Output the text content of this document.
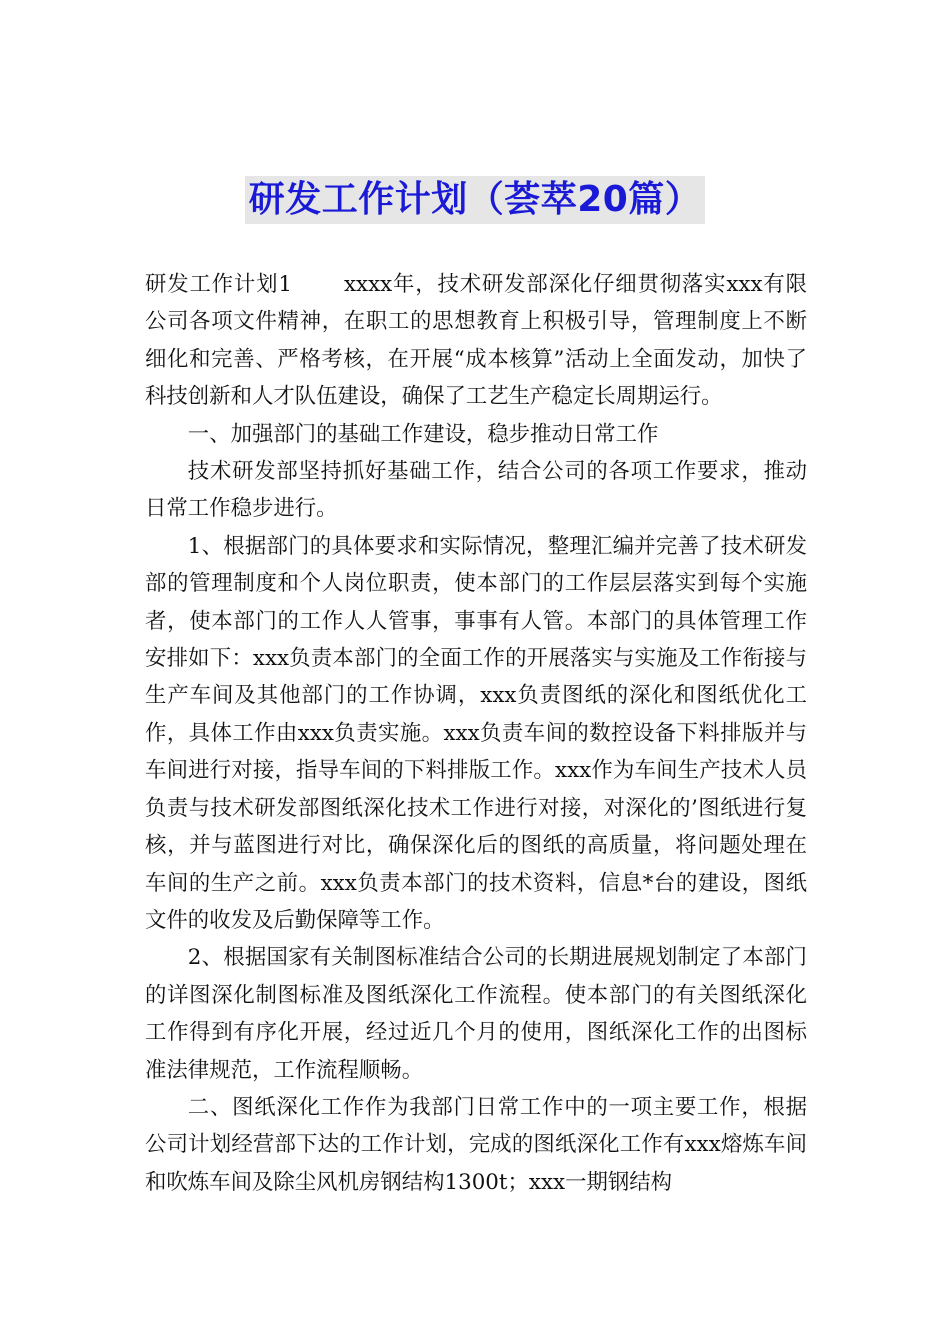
研发工作计划（荟萃20篇）

研发工作计划1 xxxx年，技术研发部深化仔细贯彻落实xxx有限公司各项文件精神，在职工的思想教育上积极引导，管理制度上不断细化和完善、严格考核，在开展“成本核算”活动上全面发动，加快了科技创新和人才队伍建设，确保了工艺生产稳定长周期运行。

一、加强部门的基础工作建设，稳步推动日常工作

技术研发部坚持抓好基础工作，结合公司的各项工作要求，推动日常工作稳步进行。

1、根据部门的具体要求和实际情况，整理汇编并完善了技术研发部的管理制度和个人岗位职责，使本部门的工作层层落实到每个实施者，使本部门的工作人人管事，事事有人管。本部门的具体管理工作安排如下：xxx负责本部门的全面工作的开展落实与实施及工作衔接与生产车间及其他部门的工作协调，xxx负责图纸的深化和图纸优化工作，具体工作由xxx负责实施。xxx负责车间的数控设备下料排版并与车间进行对接，指导车间的下料排版工作。xxx作为车间生产技术人员负责与技术研发部图纸深化技术工作进行对接，对深化的’图纸进行复核，并与蓝图进行对比，确保深化后的图纸的高质量，将问题处理在车间的生产之前。xxx负责本部门的技术资料，信息*台的建设，图纸文件的收发及后勤保障等工作。

2、根据国家有关制图标准结合公司的长期进展规划制定了本部门的详图深化制图标准及图纸深化工作流程。使本部门的有关图纸深化工作得到有序化开展，经过近几个月的使用，图纸深化工作的出图标准法律规范，工作流程顺畅。

二、图纸深化工作作为我部门日常工作中的一项主要工作，根据公司计划经营部下达的工作计划，完成的图纸深化工作有xxx熔炼车间和吹炼车间及除尘风机房钢结构1300t；xxx一期钢结构
